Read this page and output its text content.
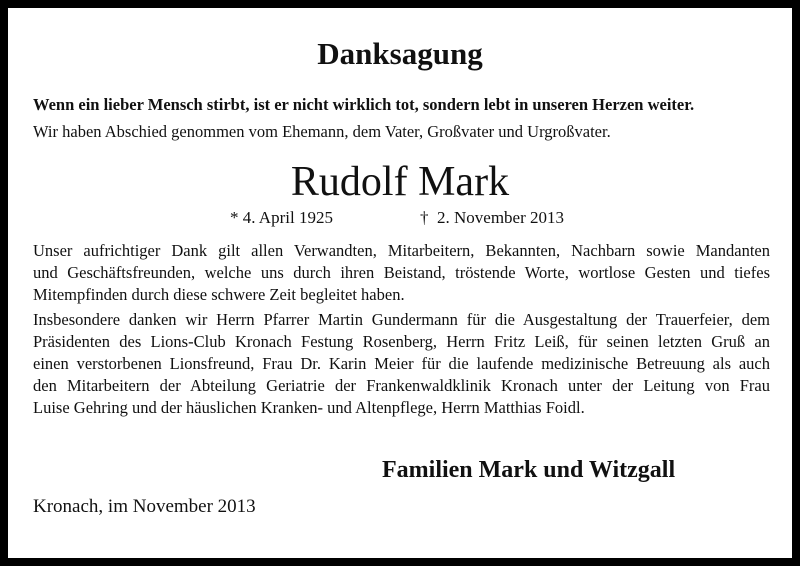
Danksagung
Wenn ein lieber Mensch stirbt, ist er nicht wirklich tot, sondern lebt in unseren Herzen weiter.
Wir haben Abschied genommen vom Ehemann, dem Vater, Großvater und Urgroßvater.
Rudolf Mark
* 4. April 1925	† 2. November 2013
Unser aufrichtiger Dank gilt allen Verwandten, Mitarbeitern, Bekannten, Nachbarn sowie Mandanten
und Geschäftsfreunden, welche uns durch ihren Beistand, tröstende Worte, wortlose Gesten und tiefes
Mitempfinden durch diese schwere Zeit begleitet haben.
Insbesondere danken wir Herrn Pfarrer Martin Gundermann für die Ausgestaltung der Trauerfeier, dem
Präsidenten des Lions-Club Kronach Festung Rosenberg, Herrn Fritz Leiß, für seinen letzten Gruß an
einen verstorbenen Lionsfreund, Frau Dr. Karin Meier für die laufende medizinische Betreuung als auch
den Mitarbeitern der Abteilung Geriatrie der Frankenwaldklinik Kronach unter der Leitung von Frau
Luise Gehring und der häuslichen Kranken- und Altenpflege, Herrn Matthias Foidl.
Familien Mark und Witzgall
Kronach, im November 2013
